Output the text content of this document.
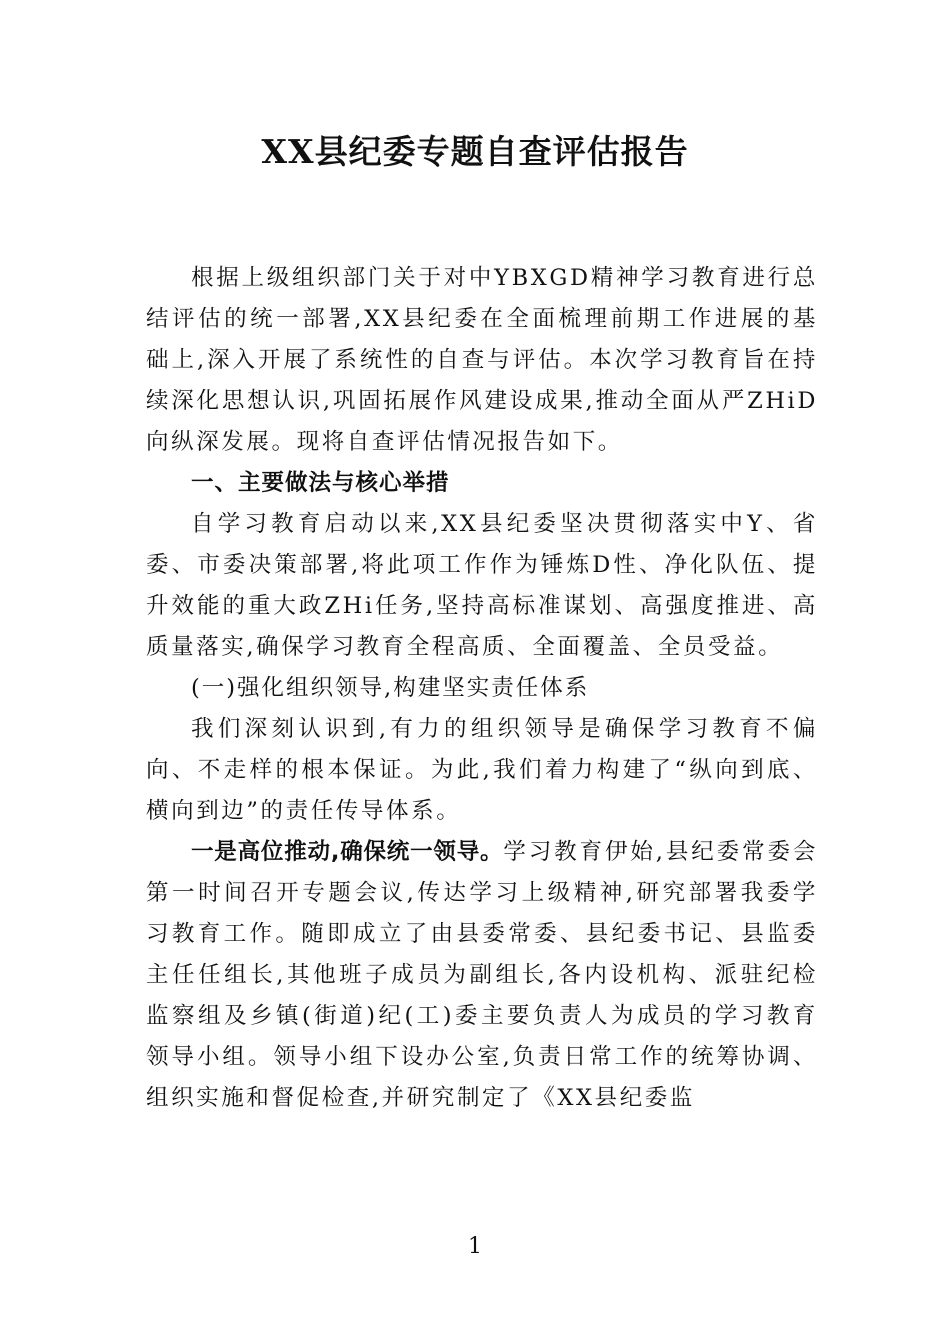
XX县纪委专题自查评估报告

根据上级组织部门关于对中YBXGD精神学习教育进行总结评估的统一部署,XX县纪委在全面梳理前期工作进展的基础上,深入开展了系统性的自查与评估。本次学习教育旨在持续深化思想认识,巩固拓展作风建设成果,推动全面从严ZHiD向纵深发展。现将自查评估情况报告如下。

一、主要做法与核心举措

自学习教育启动以来,XX县纪委坚决贯彻落实中Y、省委、市委决策部署,将此项工作作为锤炼D性、净化队伍、提升效能的重大政ZHi任务,坚持高标准谋划、高强度推进、高质量落实,确保学习教育全程高质、全面覆盖、全员受益。

(一)强化组织领导,构建坚实责任体系

我们深刻认识到,有力的组织领导是确保学习教育不偏向、不走样的根本保证。为此,我们着力构建了“纵向到底、横向到边”的责任传导体系。

一是高位推动,确保统一领导。学习教育伊始,县纪委常委会第一时间召开专题会议,传达学习上级精神,研究部署我委学习教育工作。随即成立了由县委常委、县纪委书记、县监委主任任组长,其他班子成员为副组长,各内设机构、派驻纪检监察组及乡镇(街道)纪(工)委主要负责人为成员的学习教育领导小组。领导小组下设办公室,负责日常工作的统筹协调、组织实施和督促检查,并研究制定了《XX县纪委监

1
